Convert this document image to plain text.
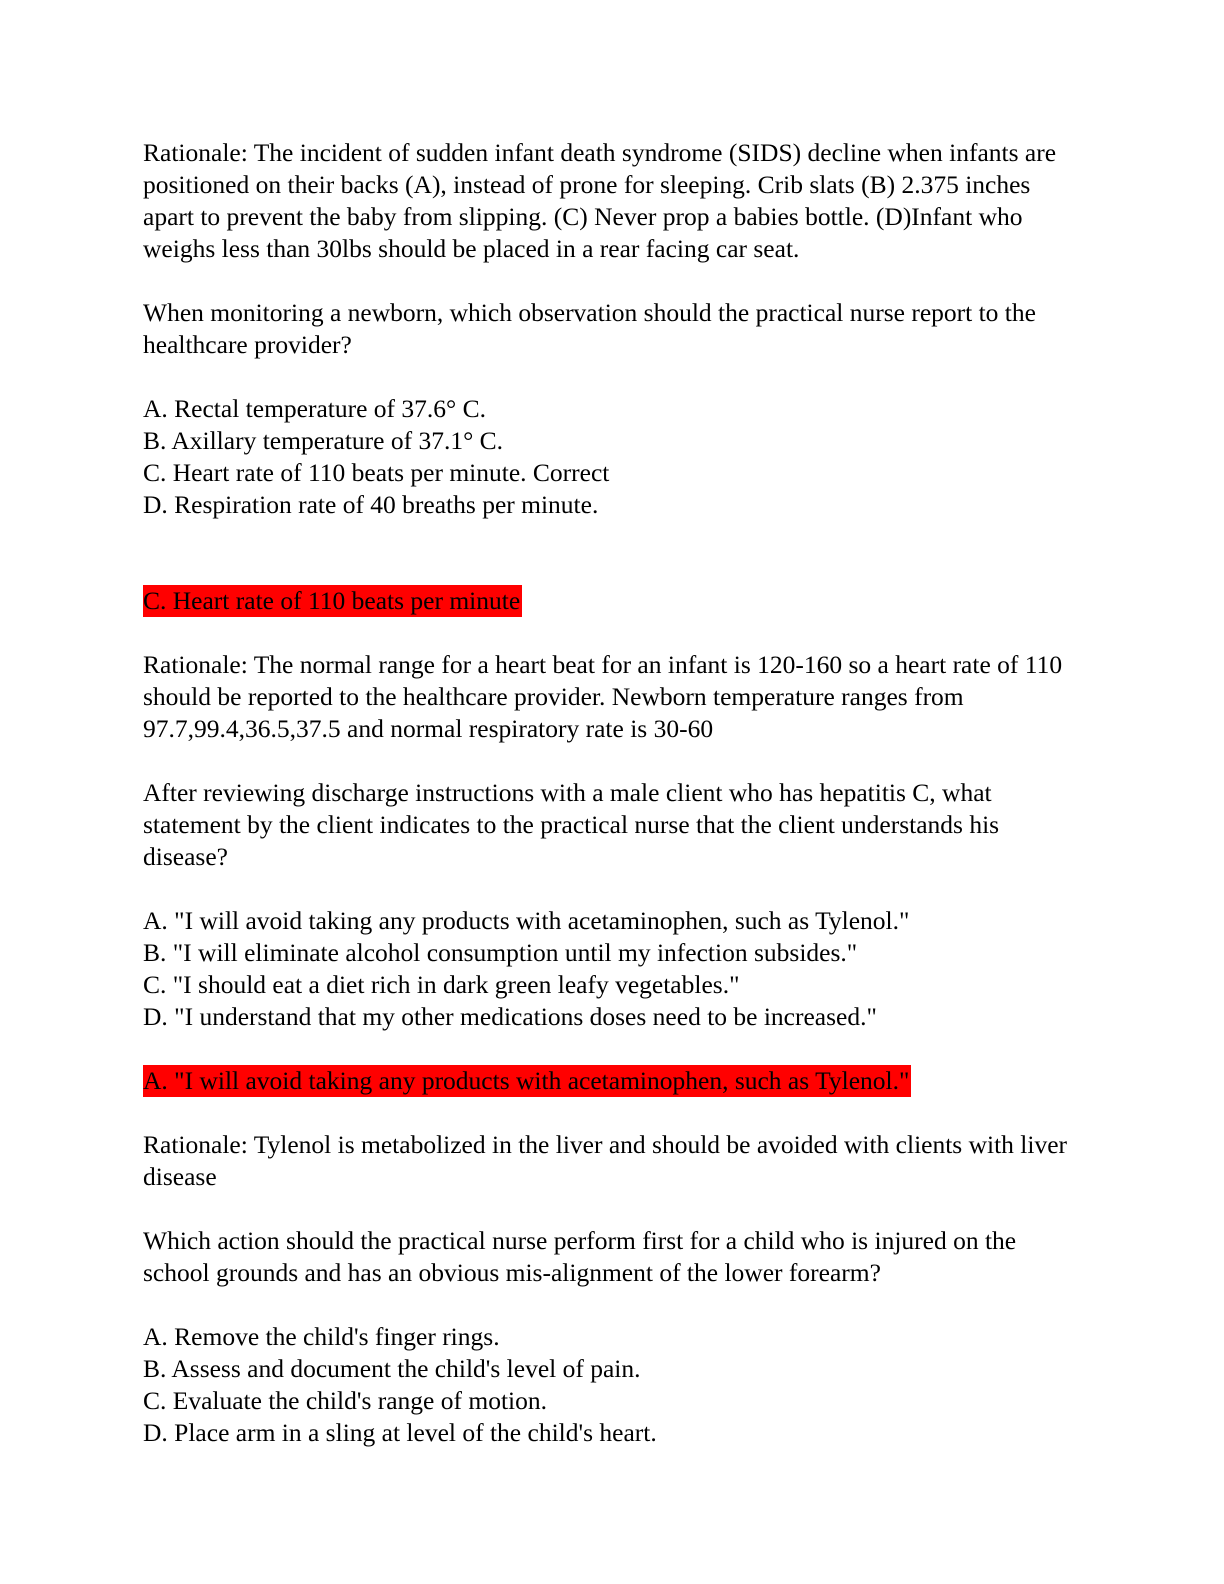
Rationale: The incident of sudden infant death syndrome (SIDS) decline when infants are positioned on their backs (A), instead of prone for sleeping. Crib slats (B) 2.375 inches apart to prevent the baby from slipping. (C) Never prop a babies bottle. (D)Infant who weighs less than 30lbs should be placed in a rear facing car seat.

When monitoring a newborn, which observation should the practical nurse report to the healthcare provider?

A. Rectal temperature of 37.6° C.

B. Axillary temperature of 37.1° C.

C. Heart rate of 110 beats per minute. Correct

D. Respiration rate of 40 breaths per minute.

C. Heart rate of 110 beats per minute

Rationale: The normal range for a heart beat for an infant is 120-160 so a heart rate of 110 should be reported to the healthcare provider. Newborn temperature ranges from 97.7,99.4,36.5,37.5 and normal respiratory rate is 30-60

After reviewing discharge instructions with a male client who has hepatitis C, what statement by the client indicates to the practical nurse that the client understands his disease?

A. "I will avoid taking any products with acetaminophen, such as Tylenol."

B. "I will eliminate alcohol consumption until my infection subsides."

C. "I should eat a diet rich in dark green leafy vegetables."

D. "I understand that my other medications doses need to be increased."

A. "I will avoid taking any products with acetaminophen, such as Tylenol."

Rationale: Tylenol is metabolized in the liver and should be avoided with clients with liver disease

Which action should the practical nurse perform first for a child who is injured on the school grounds and has an obvious mis-alignment of the lower forearm?

A. Remove the child's finger rings.

B. Assess and document the child's level of pain.

C. Evaluate the child's range of motion.

D. Place arm in a sling at level of the child's heart.
